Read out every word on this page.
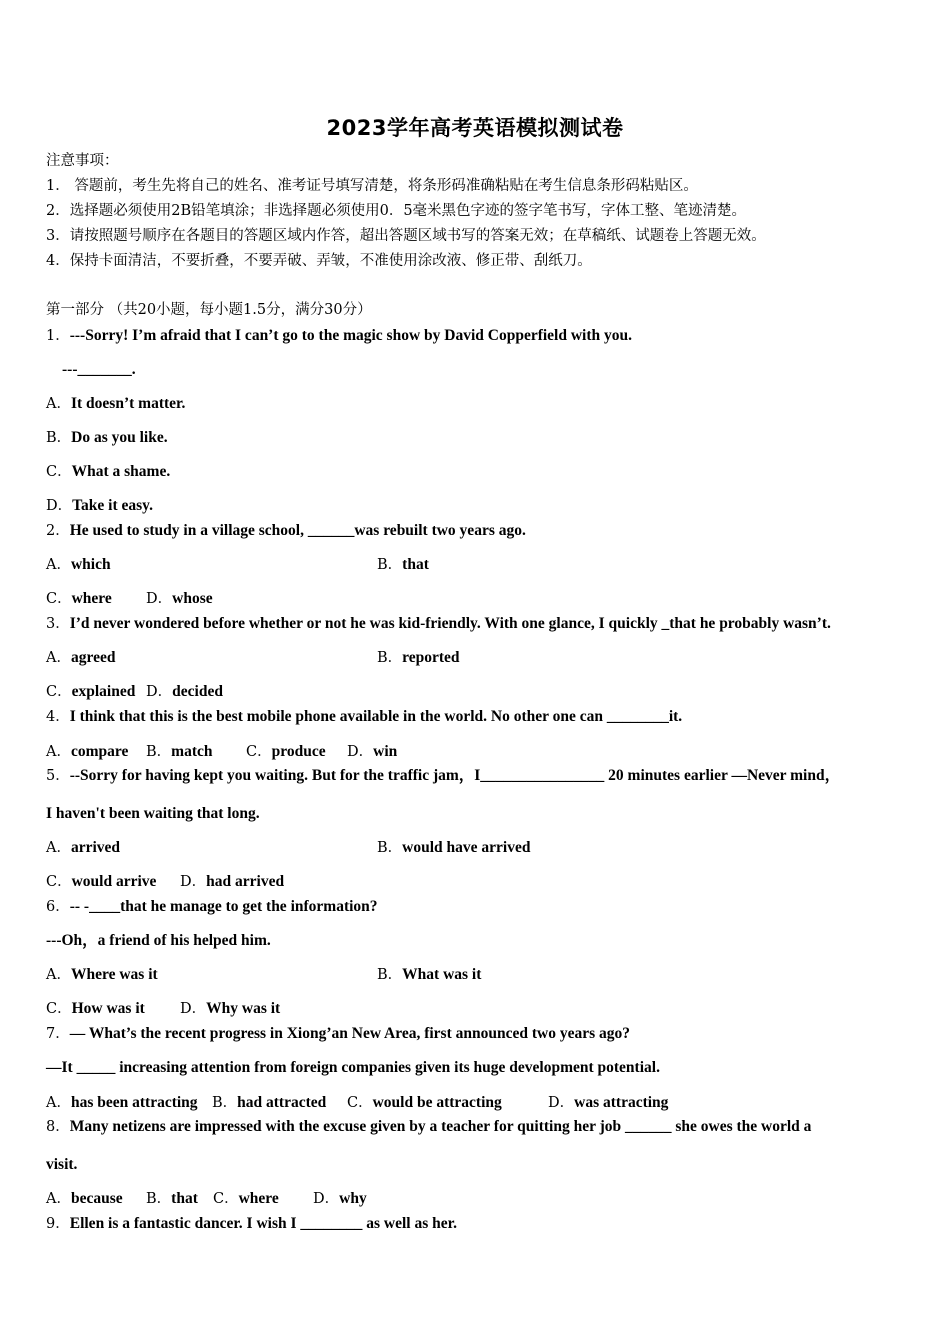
2023学年高考英语模拟测试卷
注意事项：
1． 答题前，考生先将自己的姓名、准考证号填写清楚，将条形码准确粘贴在考生信息条形码粘贴区。
2．选择题必须使用2B铅笔填涂；非选择题必须使用0．5毫米黑色字迹的签字笔书写，字体工整、笔迹清楚。
3．请按照题号顺序在各题目的答题区域内作答，超出答题区域书写的答案无效；在草稿纸、试题卷上答题无效。
4．保持卡面清洁，不要折叠，不要弄破、弄皱，不准使用涂改液、修正带、刮纸刀。
第一部分 （共20小题，每小题1.5分，满分30分）
1．---Sorry! I’m afraid that I can’t go to the magic show by David Copperfield with you.
---_______.
A．It doesn’t matter.
B．Do as you like.
C．What a shame.
D．Take it easy.
2．He used to study in a village school, ______was rebuilt two years ago.
A．which	B．that
C．where D．whose
3．I’d never wondered before whether or not he was kid-friendly. With one glance, I quickly _that he probably wasn’t.
A．agreed	B．reported
C．explained D．decided
4．I think that this is the best mobile phone available in the world. No other one can ________it.
A．compare B．match C．produce D．win
5．--Sorry for having kept you waiting. But for the traffic jam，I________________ 20 minutes earlier —Never mind，
I haven't been waiting that long.
A．arrived	B．would have arrived
C．would arrive D．had arrived
6．-- -____that he manage to get the information?
---Oh，a friend of his helped him.
A．Where was it	B．What was it
C．How was it D．Why was it
7．— What’s the recent progress in Xiong’an New Area, first announced two years ago?
—It _____ increasing attention from foreign companies given its huge development potential.
A．has been attracting B．had attracted C．would be attracting	D．was attracting
8．Many netizens are impressed with the excuse given by a teacher for quitting her job ______ she owes the world a
visit.
A．because B．that C．where D．why
9．Ellen is a fantastic dancer. I wish I ________ as well as her.
